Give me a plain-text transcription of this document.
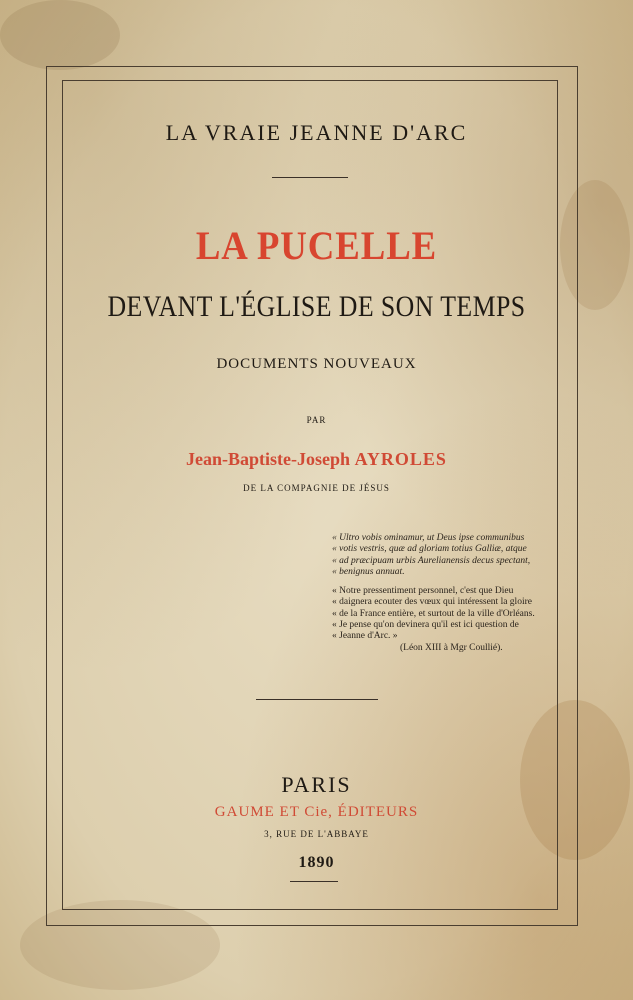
LA VRAIE JEANNE D'ARC
LA PUCELLE
DEVANT L'ÉGLISE DE SON TEMPS
DOCUMENTS NOUVEAUX
PAR
Jean-Baptiste-Joseph AYROLES
DE LA COMPAGNIE DE JÉSUS

« Ultro vobis ominamur, ut Deus ipse communibus

« votis vestris, quæ ad gloriam totius Galliæ, atque

« ad præcipuam urbis Aurelianensis decus spectant,

« benignus annuat.

« Notre pressentiment personnel, c'est que Dieu

« daignera ecouter des vœux qui intéressent la gloire

« de la France entière, et surtout de la ville d'Orléans.

« Je pense qu'on devinera qu'il est ici question de

« Jeanne d'Arc. »

(Léon XIII à Mgr Coullié).

PARIS
GAUME ET Cie, ÉDITEURS
3, RUE DE L'ABBAYE
1890
